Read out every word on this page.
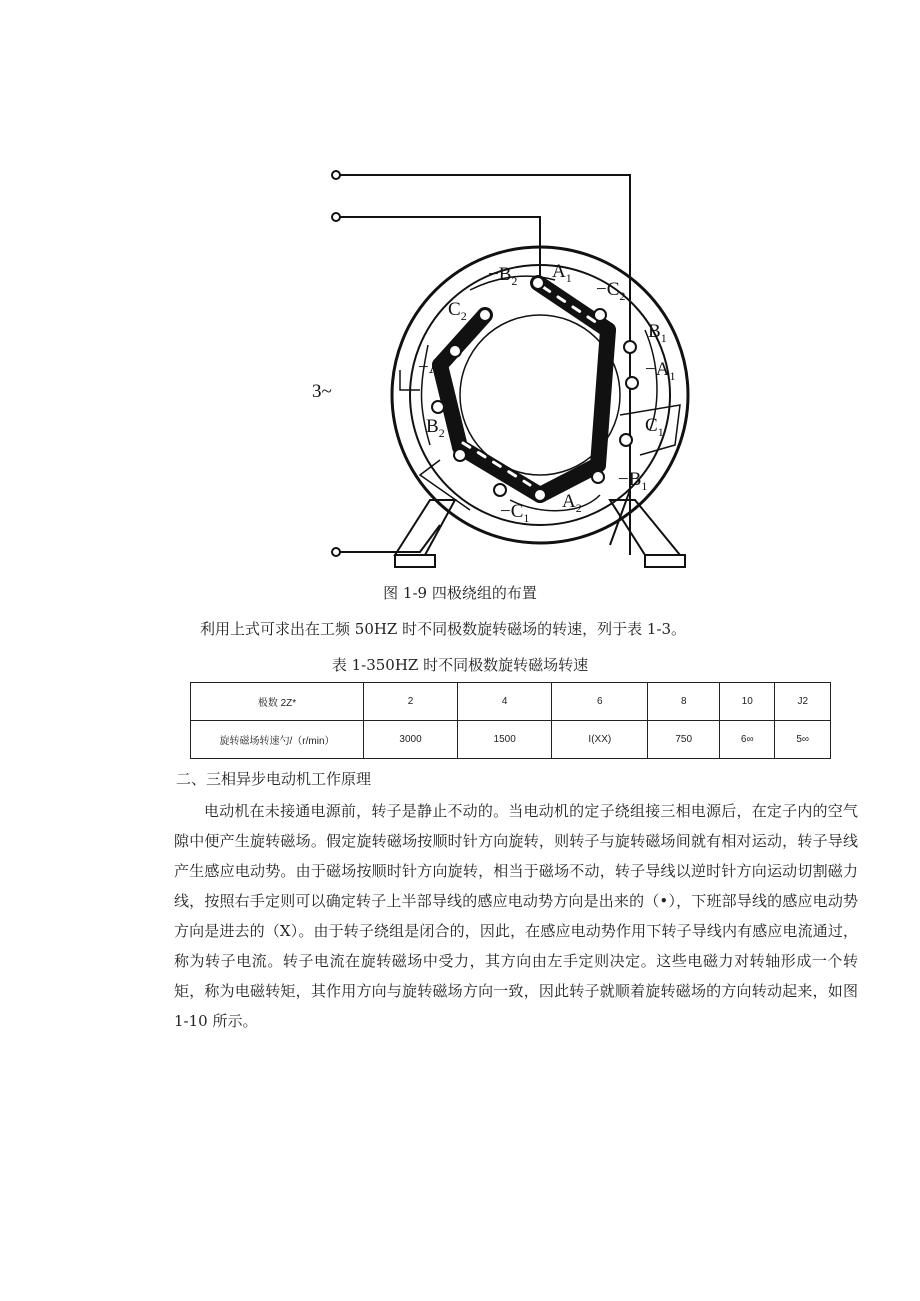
3~
$A_1$
$-B_2$	$-C_2$
$B_1$
$C_2$
$-A_1$
$-A_2$
$C_1$
$B_2$
$-B_1$
$-C_1$
$A_2$
图 1-9 四极绕组的布置
利用上式可求出在工频 50HZ 时不同极数旋转磁场的转速，列于表 1-3。
表 1-350HZ 时不同极数旋转磁场转速
极数 2Z*	2	4	6	8	10	J2
旋转磁场转速勺/（r/min）	3000	1500	I(XX)	750	6∞	5∞
二、三相异步电动机工作原理
电动机在未接通电源前，转子是静止不动的。当电动机的定子绕组接三相电源后，在定子内的空气隙中便产生旋转磁场。假定旋转磁场按顺时针方向旋转，则转子与旋转磁场间就有相对运动，转子导线产生感应电动势。由于磁场按顺时针方向旋转，相当于磁场不动，转子导线以逆时针方向运动切割磁力线，按照右手定则可以确定转子上半部导线的感应电动势方向是出来的（•），下班部导线的感应电动势方向是进去的（X）。由于转子绕组是闭合的，因此，在感应电动势作用下转子导线内有感应电流通过，称为转子电流。转子电流在旋转磁场中受力，其方向由左手定则决定。这些电磁力对转轴形成一个转矩，称为电磁转矩，其作用方向与旋转磁场方向一致，因此转子就顺着旋转磁场的方向转动起来，如图 1-10 所示。
